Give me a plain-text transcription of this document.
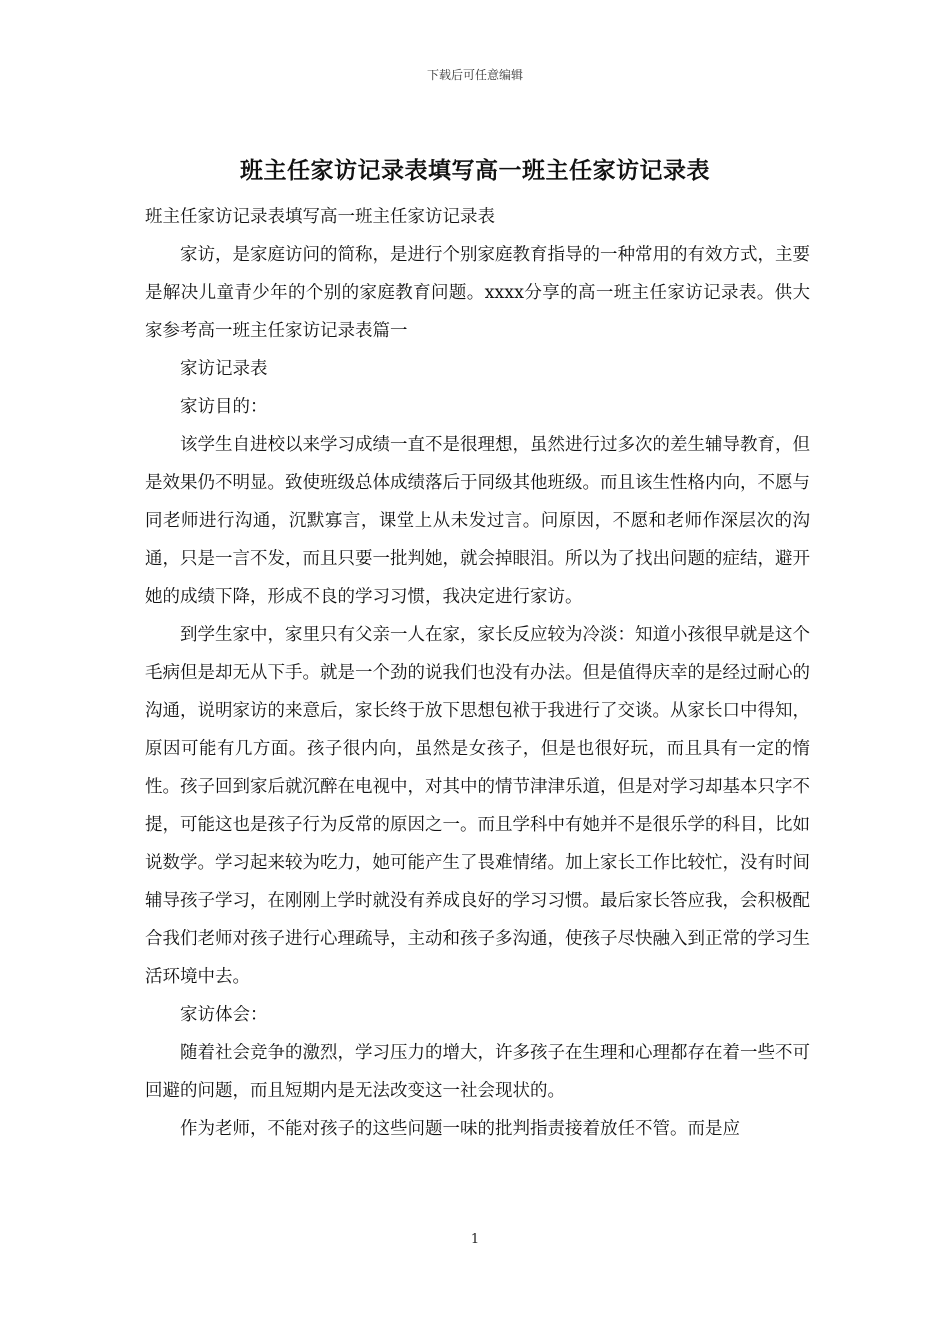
下载后可任意编辑
班主任家访记录表填写高一班主任家访记录表

班主任家访记录表填写高一班主任家访记录表

家访，是家庭访问的简称，是进行个别家庭教育指导的一种常用的有效方式，主要是解决儿童青少年的个别的家庭教育问题。xxxx分享的高一班主任家访记录表。供大家参考高一班主任家访记录表篇一

家访记录表

家访目的：

该学生自进校以来学习成绩一直不是很理想，虽然进行过多次的差生辅导教育，但是效果仍不明显。致使班级总体成绩落后于同级其他班级。而且该生性格内向，不愿与同老师进行沟通，沉默寡言，课堂上从未发过言。问原因，不愿和老师作深层次的沟通，只是一言不发，而且只要一批判她，就会掉眼泪。所以为了找出问题的症结，避开她的成绩下降，形成不良的学习习惯，我决定进行家访。

到学生家中，家里只有父亲一人在家，家长反应较为冷淡：知道小孩很早就是这个毛病但是却无从下手。就是一个劲的说我们也没有办法。但是值得庆幸的是经过耐心的沟通，说明家访的来意后，家长终于放下思想包袱于我进行了交谈。从家长口中得知，原因可能有几方面。孩子很内向，虽然是女孩子，但是也很好玩，而且具有一定的惰性。孩子回到家后就沉醉在电视中，对其中的情节津津乐道，但是对学习却基本只字不提，可能这也是孩子行为反常的原因之一。而且学科中有她并不是很乐学的科目，比如说数学。学习起来较为吃力，她可能产生了畏难情绪。加上家长工作比较忙，没有时间辅导孩子学习，在刚刚上学时就没有养成良好的学习习惯。最后家长答应我，会积极配合我们老师对孩子进行心理疏导，主动和孩子多沟通，使孩子尽快融入到正常的学习生活环境中去。

家访体会：

随着社会竞争的激烈，学习压力的增大，许多孩子在生理和心理都存在着一些不可回避的问题，而且短期内是无法改变这一社会现状的。

作为老师，不能对孩子的这些问题一味的批判指责接着放任不管。而是应

1
